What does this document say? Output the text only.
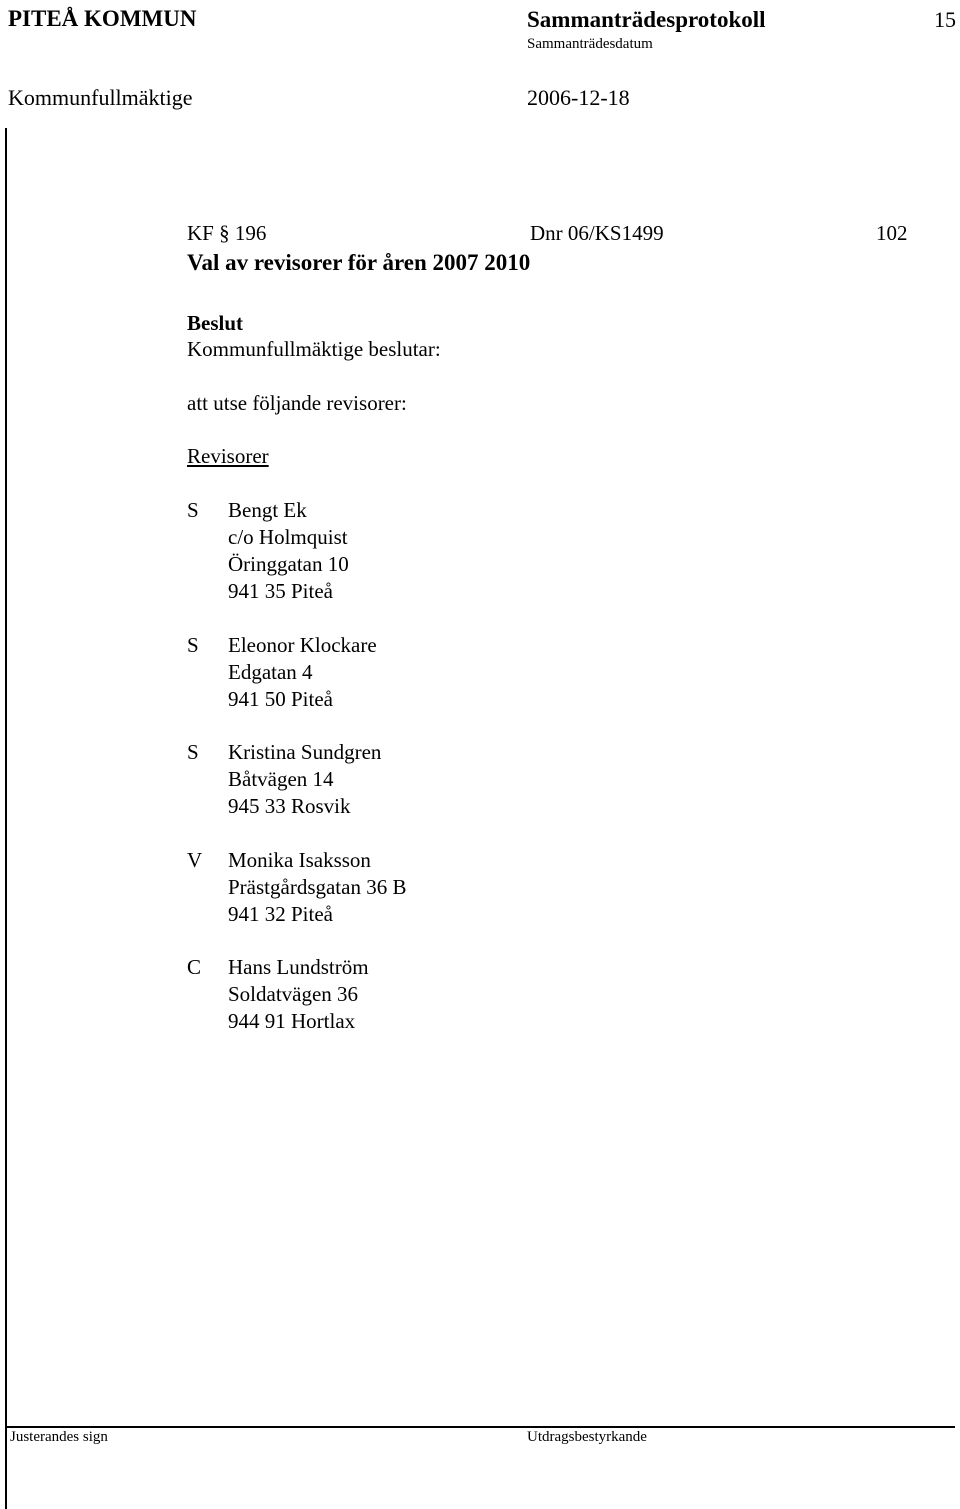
PITEÅ KOMMUN	Sammanträdesprotokoll	15
Sammanträdesdatum
Kommunfullmäktige	2006-12-18
KF § 196	Dnr 06/KS1499	102
Val av revisorer för åren 2007 2010
Beslut
Kommunfullmäktige beslutar:
att utse följande revisorer:
Revisorer
S	Bengt Ek
c/o Holmquist
Öringgatan 10
941 35 Piteå
S	Eleonor Klockare
Edgatan 4
941 50 Piteå
S	Kristina Sundgren
Båtvägen 14
945 33 Rosvik
V	Monika Isaksson
Prästgårdsgatan 36 B
941 32 Piteå
C	Hans Lundström
Soldatvägen 36
944 91 Hortlax
Justerandes sign	Utdragsbestyrkande
